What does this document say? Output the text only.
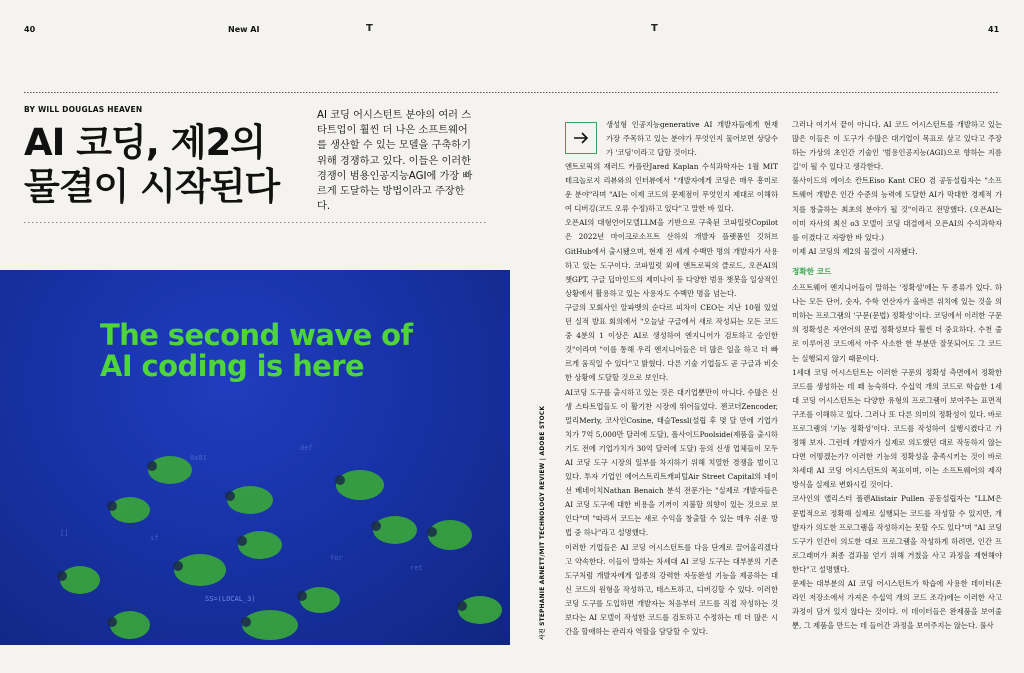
40	New AI	T	T	41
BY WILL DOUGLAS HEAVEN
AI 코딩, 제2의
물결이 시작된다
AI 코딩 어시스턴트 분야의 여러 스타트업이 훨씬 더 나은 소프트웨어를 생산할 수 있는 모델을 구축하기 위해 경쟁하고 있다. 이들은 이러한 경쟁이 범용인공지능AGI에 가장 빠르게 도달하는 방법이라고 주장한다.
The second wave of
AI coding is here
SS=(LOCAL_3)
0x01
def
[]
ret
if
for	사진 STEPHANIE ARNETT/MIT TECHNOLOGY REVIEW | ADOBE STOCK
생성형 인공지능generative AI 개발자들에게 현재 가장 주목하고 있는 분야가 무엇인지 물어보면 상당수가 '코딩'이라고 답할 것이다.

앤트로픽의 재러드 카플란Jared Kaplan 수석과학자는 1월 MIT 테크놀로지 리뷰와의 인터뷰에서 "개발자에게 코딩은 매우 흥미로운 분야"라며 "AI는 이제 코드의 문제점이 무엇인지 제대로 이해하여 디버깅(코드 오류 수정)하고 있다"고 말한 바 있다.

오픈AI의 대형언어모델LLM을 기반으로 구축된 코파일럿Copilot은 2022년 마이크로소프트 산하의 개발자 플랫폼인 깃허브GitHub에서 출시됐으며, 현재 전 세계 수백만 명의 개발자가 사용하고 있는 도구이다. 코파일럿 외에 앤트로픽의 클로드, 오픈AI의 챗GPT, 구글 딥마인드의 제미나이 등 다양한 범용 챗봇을 일상적인 상황에서 활용하고 있는 사용자도 수백만 명을 넘는다.

구글의 모회사인 알파벳의 순다르 피차이 CEO는 지난 10월 있었던 실적 발표 회의에서 "오늘날 구글에서 새로 작성되는 모든 코드 중 4분의 1 이상은 AI로 생성하여 엔지니어가 검토하고 승인한 것"이라며 "이를 통해 우리 엔지니어들은 더 많은 일을 하고 더 빠르게 움직일 수 있다"고 밝혔다. 다른 기술 기업들도 곧 구글과 비슷한 상황에 도달할 것으로 보인다.

AI코딩 도구를 출시하고 있는 것은 대기업뿐만이 아니다. 수많은 신생 스타트업들도 이 활기찬 시장에 뛰어들었다. 젠코더Zencoder, 멀리Merly, 코사인Cosine, 태슬Tessl(설립 후 몇 달 만에 기업가치가 7억 5,000만 달러에 도달), 폴사이드Poolside(제품을 출시하기도 전에 기업가치가 30억 달러에 도달) 등의 신생 업체들이 모두 AI 코딩 도구 시장의 일부를 차지하기 위해 치열한 경쟁을 벌이고 있다. 투자 기업인 에어스트리트캐피털Air Street Capital의 네이선 베네이치Nathan Benaich 분석 전문가는 "실제로 개발자들은 AI 코딩 도구에 대한 비용을 기꺼이 지불할 의향이 있는 것으로 보인다"며 "따라서 코드는 새로 수익을 창출할 수 있는 매우 쉬운 방법 중 하나"라고 설명했다.

이러한 기업들은 AI 코딩 어시스턴트를 다음 단계로 끌어올리겠다고 약속한다. 이들이 말하는 차세대 AI 코딩 도구는 대부분의 기존 도구처럼 개발자에게 일종의 강력한 자동완성 기능을 제공하는 대신 코드의 원형을 작성하고, 테스트하고, 디버깅할 수 있다. 이러한 코딩 도구를 도입하면 개발자는 처음부터 코드를 직접 작성하는 것보다는 AI 모델이 작성한 코드를 검토하고 수정하는 데 더 많은 시간을 할애하는 관리자 역할을 담당할 수 있다.

그러나 여기서 끝이 아니다. AI 코드 어시스턴트를 개발하고 있는 많은 이들은 이 도구가 수많은 대기업이 목표로 삼고 있다고 주장하는 가상의 초인간 기술인 '범용인공지능(AGI)으로 향하는 지름길'이 될 수 있다고 생각한다.

풀사이드의 에이소 칸트Eiso Kant CEO 겸 공동설립자는 "소프트웨어 개발은 인간 수준의 능력에 도달한 AI가 막대한 경제적 가치를 창출하는 최초의 분야가 될 것"이라고 전망했다. (오픈AI는 이미 자사의 최신 o3 모델이 코딩 대결에서 오픈AI의 수석과학자를 이겼다고 자랑한 바 있다.)

이제 AI 코딩의 제2의 물결이 시작됐다.

정확한 코드

소프트웨어 엔지니어들이 말하는 '정확성'에는 두 종류가 있다. 하나는 모든 단어, 숫자, 수학 연산자가 올바른 위치에 있는 것을 의미하는 프로그램의 '구문(문법) 정확성'이다. 코딩에서 이러한 구문의 정확성은 자연어의 문법 정확성보다 훨씬 더 중요하다. 수천 줄로 이루어진 코드에서 아주 사소한 한 부분만 잘못되어도 그 코드는 실행되지 않기 때문이다.

1세대 코딩 어시스턴트는 이러한 구문의 정확성 측면에서 정확한 코드를 생성하는 데 꽤 능숙하다. 수십억 개의 코드로 학습한 1세대 코딩 어시스턴트는 다양한 유형의 프로그램이 보여주는 표면적 구조를 이해하고 있다. 그러나 또 다른 의미의 정확성이 있다. 바로 프로그램의 '기능 정확성'이다. 코드를 작성하여 실행시켰다고 가정해 보자. 그런데 개발자가 실제로 의도했던 대로 작동하지 않는다면 어떻겠는가? 이러한 기능의 정확성을 충족시키는 것이 바로 차세대 AI 코딩 어시스턴트의 목표이며, 이는 소프트웨어의 제작 방식을 실제로 변화시킬 것이다.

코사인의 앨리스터 폴렌Alistair Pullen 공동설립자는 "LLM은 문법적으로 정확해 실제로 실행되는 코드를 작성할 수 있지만, 개발자가 의도한 프로그램을 작성하지는 못할 수도 있다"며 "AI 코딩 도구가 인간이 의도한 대로 프로그램을 작성하게 하려면, 인간 프로그래머가 최종 결과물 얻기 위해 거쳤을 사고 과정을 재현해야 한다"고 설명했다.

문제는 대부분의 AI 코딩 어시스턴트가 학습에 사용한 데이터(온라인 저장소에서 가져온 수십억 개의 코드 조각)에는 이러한 사고 과정이 담겨 있지 않다는 것이다. 이 데이터들은 완제품을 보여줄 뿐, 그 제품을 만드는 데 들어간 과정을 보여주지는 않는다. 풀사
